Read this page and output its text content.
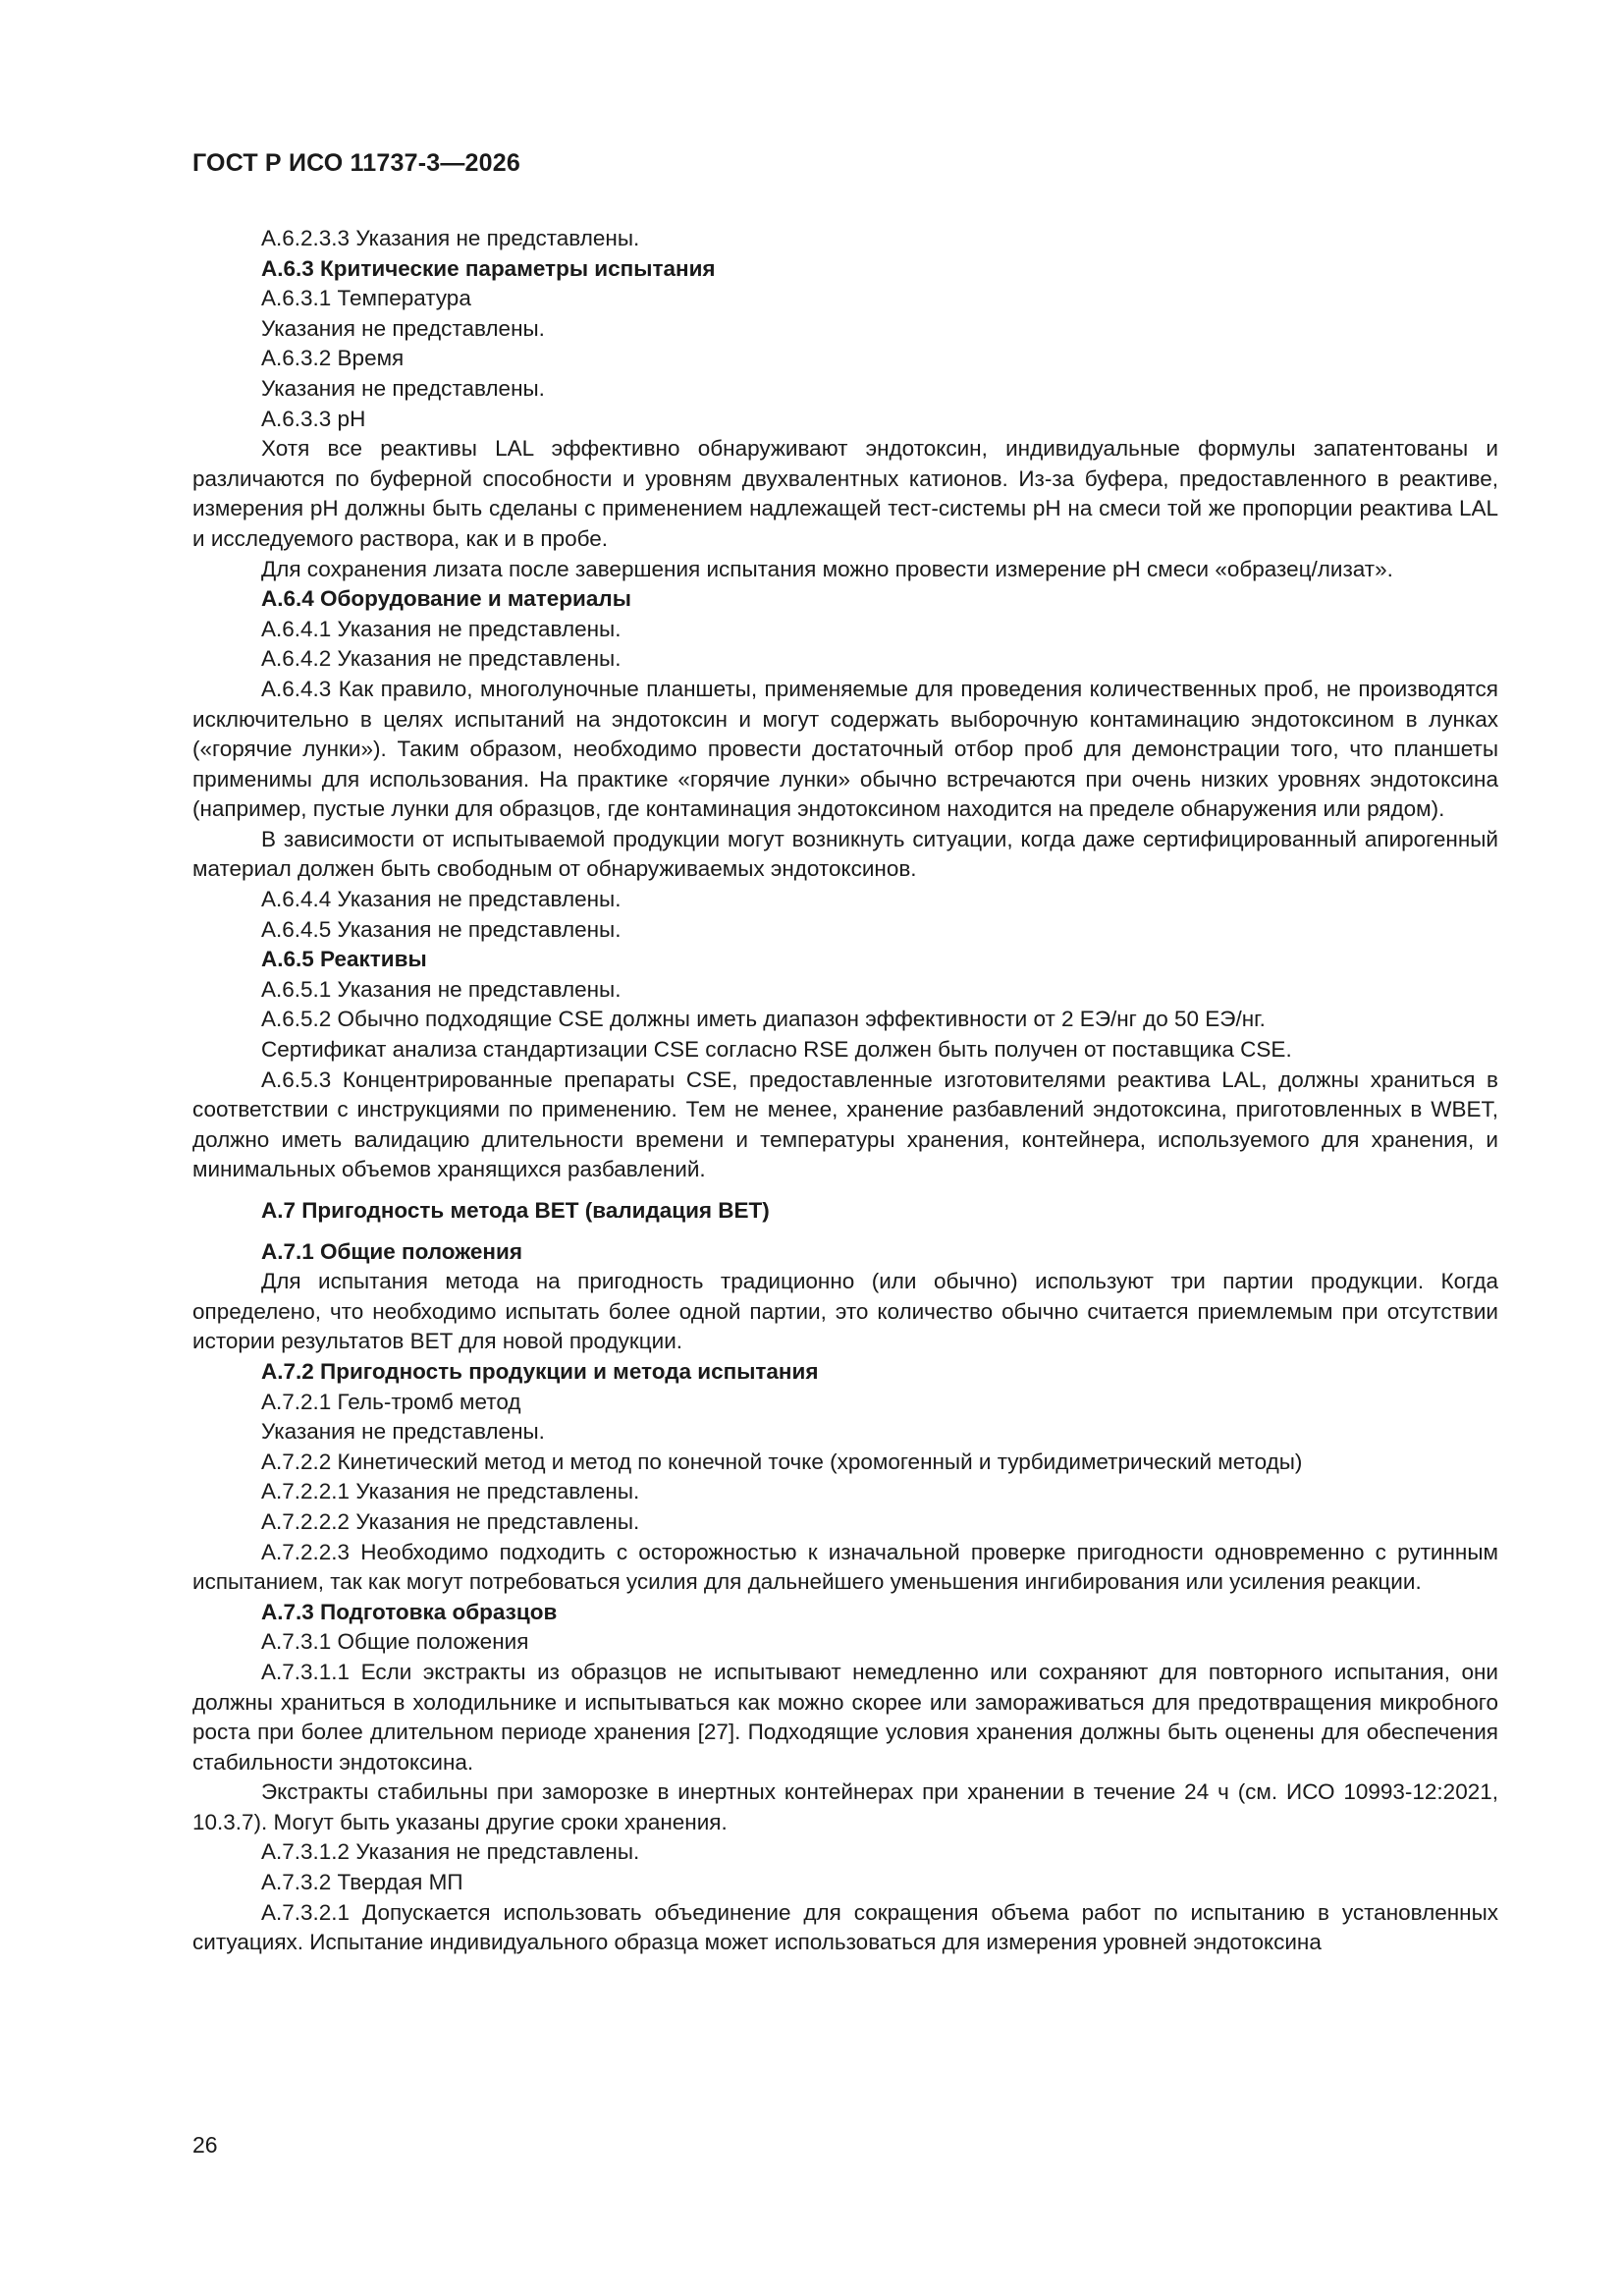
ГОСТ Р ИСО 11737-3—2026

А.6.2.3.3 Указания не представлены.

А.6.3 Критические параметры испытания

А.6.3.1 Температура

Указания не представлены.

А.6.3.2 Время

Указания не представлены.

А.6.3.3 pH

Хотя все реактивы LAL эффективно обнаруживают эндотоксин, индивидуальные формулы запатентованы и различаются по буферной способности и уровням двухвалентных катионов. Из-за буфера, предоставленного в реактиве, измерения pH должны быть сделаны с применением надлежащей тест-системы pH на смеси той же пропорции реактива LAL и исследуемого раствора, как и в пробе.

Для сохранения лизата после завершения испытания можно провести измерение pH смеси «образец/лизат».

А.6.4 Оборудование и материалы

А.6.4.1 Указания не представлены.

А.6.4.2 Указания не представлены.

А.6.4.3 Как правило, многолуночные планшеты, применяемые для проведения количественных проб, не производятся исключительно в целях испытаний на эндотоксин и могут содержать выборочную контаминацию эндотоксином в лунках («горячие лунки»). Таким образом, необходимо провести достаточный отбор проб для демонстрации того, что планшеты применимы для использования. На практике «горячие лунки» обычно встречаются при очень низких уровнях эндотоксина (например, пустые лунки для образцов, где контаминация эндотоксином находится на пределе обнаружения или рядом).

В зависимости от испытываемой продукции могут возникнуть ситуации, когда даже сертифицированный апирогенный материал должен быть свободным от обнаруживаемых эндотоксинов.

А.6.4.4 Указания не представлены.

А.6.4.5 Указания не представлены.

А.6.5 Реактивы

А.6.5.1 Указания не представлены.

А.6.5.2 Обычно подходящие CSE должны иметь диапазон эффективности от 2 ЕЭ/нг до 50 ЕЭ/нг.

Сертификат анализа стандартизации CSE согласно RSE должен быть получен от поставщика CSE.

А.6.5.3 Концентрированные препараты CSE, предоставленные изготовителями реактива LAL, должны храниться в соответствии с инструкциями по применению. Тем не менее, хранение разбавлений эндотоксина, приготовленных в WBET, должно иметь валидацию длительности времени и температуры хранения, контейнера, используемого для хранения, и минимальных объемов хранящихся разбавлений.

А.7 Пригодность метода BET (валидация BET)

А.7.1 Общие положения

Для испытания метода на пригодность традиционно (или обычно) используют три партии продукции. Когда определено, что необходимо испытать более одной партии, это количество обычно считается приемлемым при отсутствии истории результатов BET для новой продукции.

А.7.2 Пригодность продукции и метода испытания

А.7.2.1 Гель-тромб метод

Указания не представлены.

А.7.2.2 Кинетический метод и метод по конечной точке (хромогенный и турбидиметрический методы)

А.7.2.2.1 Указания не представлены.

А.7.2.2.2 Указания не представлены.

А.7.2.2.3 Необходимо подходить с осторожностью к изначальной проверке пригодности одновременно с рутинным испытанием, так как могут потребоваться усилия для дальнейшего уменьшения ингибирования или усиления реакции.

А.7.3 Подготовка образцов

А.7.3.1 Общие положения

А.7.3.1.1 Если экстракты из образцов не испытывают немедленно или сохраняют для повторного испытания, они должны храниться в холодильнике и испытываться как можно скорее или замораживаться для предотвращения микробного роста при более длительном периоде хранения [27]. Подходящие условия хранения должны быть оценены для обеспечения стабильности эндотоксина.

Экстракты стабильны при заморозке в инертных контейнерах при хранении в течение 24 ч (см. ИСО 10993-12:2021, 10.3.7). Могут быть указаны другие сроки хранения.

А.7.3.1.2 Указания не представлены.

А.7.3.2 Твердая МП

А.7.3.2.1 Допускается использовать объединение для сокращения объема работ по испытанию в установленных ситуациях. Испытание индивидуального образца может использоваться для измерения уровней эндотоксина

26
